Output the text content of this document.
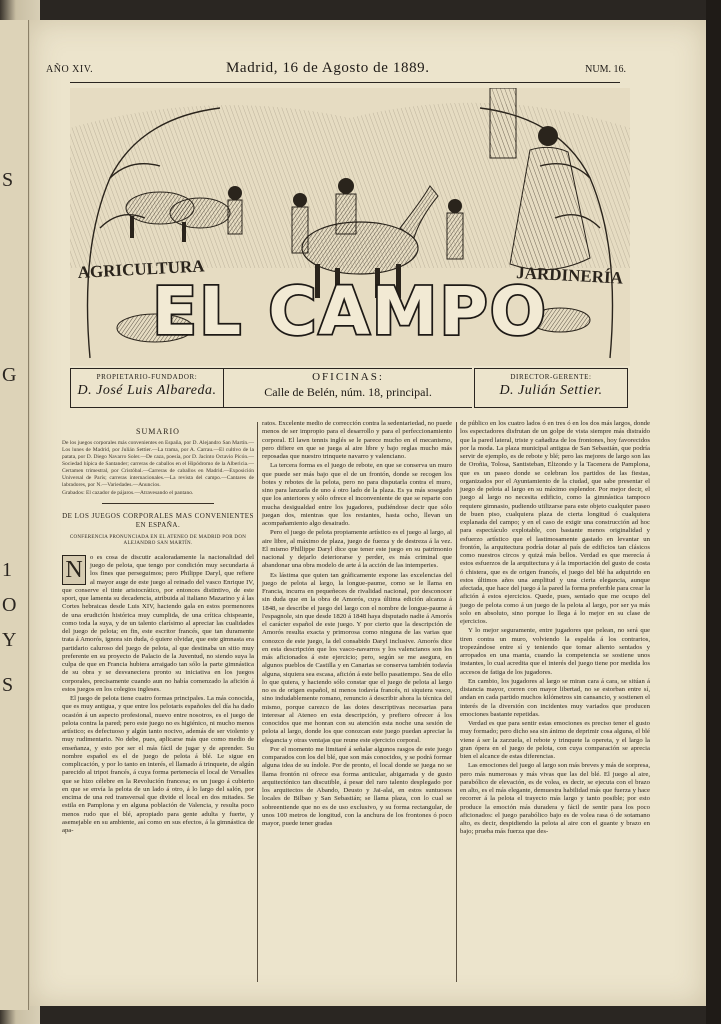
S
G
1
O
Y
S
AÑO XIV.	Madrid, 16 de Agosto de 1889.	NUM. 16.
AGRICULTURA	JARDINERÍA
EL CAMPO
PROPIETARIO-FUNDADOR:
D. José Luis Albareda.
OFICINAS:
Calle de Belén, núm. 18, principal.
DIRECTOR-GERENTE:
D. Julián Settier.
SUMARIO
De los juegos corporales más convenientes en España, por D. Alejandro San Martín.—Los lunes de Madrid, por Julián Settier.—La trama, por A. Carrau.—El cultivo de la patata, por D. Diego Navarro Soler.—De caza, poesía, por D. Jacinto Octavio Picón.—Sociedad hípica de Santander; carreras de caballos en el Hipódromo de la Albericia.—Certamen trimestral, por Cristóbal.—Carreras de caballos en Madrid.—Exposición Universal de París; carreras internacionales.—La revista del campo.—Cantares de labradores, por N.—Variedades.—Anuncios.
Grabados: El cazador de pájaros.—Atravesando el pantano.
DE LOS JUEGOS CORPORALES MAS CONVENIENTES EN ESPAÑA.
CONFERENCIA PRONUNCIADA EN EL ATENEO DE MADRID POR DON ALEJANDRO SAN MARTÍN.

N	o es cosa de discutir acaloradamente la nacionalidad del juego de pelota, que tengo por condición muy secundaria á los fines que perseguimos; pero Philippe Daryl, que refiere al mayor auge de este juego al reinado del vasco Enrique IV, que conserve el tinte aristocrático, por entonces distintivo, de este sport, que lamenta su decadencia, atribuida al italiano Mazarino y á las Cortes hebraicas desde Luis XIV, haciendo gala en estos pormenores de una erudición histórica muy cumplida, de una crítica chispeante, como toda la suya, y de un talento clarísimo al apreciar las cualidades del juego de pelota; en fin, este escritor francés, que tan duramente trata á Amorós, ignora sin duda, ó quiere olvidar, que este gimnasta era partidario caluroso del juego de pelota, al que destinaba un sitio muy preferente en su proyecto de Palacio de la Juventud, no siendo suya la culpa de que en Francia hubiera arraigado tan sólo la parte gimnástica de su obra y se desvaneciera pronto su iniciativa en los juegos corporales, precisamente cuando aun no había comenzado la afición á estos juegos en los colegios ingleses.

El juego de pelota tiene cuatro formas principales. La más conocida, que es muy antigua, y que entre los pelotaris españoles del día ha dado ocasión á un aspecto profesional, nuevo entre nosotros, es el juego de pelota contra la pared; pero este juego no es higiénico, ni mucho menos artístico; es defectuoso y algún tanto nocivo, además de ser violento y muy rudimentario. No debe, pues, aplicarse más que como medio de enseñanza, y esto por ser el más fácil de jugar y de aprender. Su nombre español es el de juego de pelota á blé. Le sigue en complicación, y por lo tanto en interés, el llamado á trinquete, de algún parecido al tripot francés, á cuya forma pertenecía el local de Versalles que se hizo célebre en la Revolución francesa; es un juego á cubierto en que se envía la pelota de un lado á otro, á lo largo del salón, por encima de una red transversal que divide el local en dos mitades. Se estila en Pamplona y en alguna población de Valencia, y resulta poco menos rudo que el blé, apropiado para gente adulta y fuerte, y asemejable en su ambiente, así como en sus efectos, á la gimnástica de apa-

ratos. Excelente medio de corrección contra la sedentariedad, no puede menos de ser impropio para el desarrollo y para el perfeccionamiento corporal. El lawn tennis inglés se le parece mucho en el mecanismo, pero difiere en que se juega al aire libre y bajo reglas mucho más reposadas que nuestro trinquete navarro y valenciano.

La tercera forma es el juego de rebote, en que se conserva un muro que puede ser más bajo que el de un frontón, donde se recogen los botes y rebotes de la pelota, pero no para disputarla contra el muro, sino para lanzarla de uno á otro lado de la plaza. Es ya más sosegado que los anteriores y sólo ofrece el inconveniente de que se reparte con mucha desigualdad entre los jugadores, pudiéndose decir que sólo juegan dos, mientras que los restantes, hasta ocho, llevan un acompañamiento algo desairado.

Pero el juego de pelota propiamente artístico es el juego al largo, al aire libre, al máximo de plaza, juego de fuerza y de destreza á la vez. El mismo Phillippe Daryl dice que tener este juego en su patrimonio nacional y dejarlo deteriorarse y perder, es más criminal que abandonar una obra modelo de arte á la acción de las intemperies.

Es lástima que quien tan gráficamente expone las excelencias del juego de pelota al largo, la longue-paume, como se le llama en Francia, incurra en pequeñeces de rivalidad nacional, por desconocer sin duda que en la obra de Amorós, cuya última edición alcanza á 1848, se describe el juego del largo con el nombre de longue-paume á l'espagnole, sin que desde 1820 á 1848 haya disputado nadie á Amorós el carácter español de este juego. Y por cierto que la descripción de Amorós resulta exacta y primorosa como ninguna de las varias que conozco de este juego, la del consabido Daryl inclusive. Amorós dice en esta descripción que los vasco-navarros y los valencianos son los más aficionados á este ejercicio; pero, según se me asegura, en algunos pueblos de Castilla y en Canarias se conserva también todavía alguna, siquiera sea escasa, afición á este bello pasatiempo. Sea de ello lo que quiera, y haciendo sólo constar que el juego de pelota al largo no es de origen español, ni menos todavía francés, ni siquiera vasco, sino indudablemente romano, renuncio á describir ahora la técnica del mismo, porque carezco de las dotes descriptivas necesarias para interesar al Ateneo en esta descripción, y prefiero ofrecer á los conocidos que me honran con su atención esta noche una sesión de pelota al largo, donde los que conozcan este juego puedan apreciar la elegancia y otras ventajas que reune este ejercicio corporal.

Por el momento me limitaré á señalar algunos rasgos de este juego comparados con los del blé, que son más conocidos, y se podrá formar alguna idea de su índole. Por de pronto, el local donde se juega no se llama frontón ni ofrece esa forma anticular, abigarrada y de gusto arquitectónico tan discutible, á pesar del raro talento desplegado por los arquitectos de Abando, Deusto y Jai-alai, en estos suntuosos locales de Bilbao y San Sebastián; se llama plaza, con lo cual se sobreentiende que no es de uso exclusivo, y su forma rectangular, de unos 100 metros de longitud, con la anchura de los frontones ó poco mayor, puede tener gradas

de público en los cuatro lados ó en tres ó en los dos más largos, donde los espectadores disfrutan de un golpe de vista siempre más distraído que la pared lateral, triste y cañadiza de los frontones, hoy favorecidos por la moda. La plaza municipal antigua de San Sebastián, que podría servir de ejemplo, es de rebote y blé; pero las mejores de largo son las de Oroñia, Tolosa, Santisteban, Elizondo y la Tacenera de Pamplona, que es un paseo donde se celebran los partidos de las fiestas, organizados por el Ayuntamiento de la ciudad, que sabe presentar el juego de pelota al largo en su máximo esplendor. Por mejor decir, el juego al largo no necesita edificio, como la gimnástica tampoco requiere gimnasio, pudiendo utilizarse para este objeto cualquier paseo de buen piso, cualquiera plaza de cierta longitud ó cualquiera explanada del campo; y en el caso de exigir una construcción ad hoc para espectáculo explotable, con bastante menos originalidad y esfuerzo artístico que el lastimosamente gastado en levantar un frontón, la arquitectura podría dotar al país de edificios tan clásicos como nuestros circos y quizá más bellos. Verdad es que merecía á estos esfuerzos de la arquitectura y á la importación del gusto de costa ó chistera, que es de origen francés, el juego del blé ha adquirido en estos últimos años una amplitud y una cierta elegancia, aunque afectada, que hace del juego á la pared la forma preferible para crear la afición á estos ejercicios. Quede, pues, sentado que me ocupo del juego de pelota como á un juego de la pelota al largo, por ser ya más solo en absoluto, sino porque lo llega á lo mejor en su clase de ejercicios.

Y lo mejor seguramente, entre jugadores que pelean, no será que tiren contra un muro, volviendo la espalda á los contrarios, tropezándose entre sí y teniendo que tomar aliento sentados y arropados en una manta, cuando la competencia se sostiene unos instantes, lo cual acredita que el interés del juego tiene por medida los accesos de fatiga de los jugadores.

En cambio, los jugadores al largo se miran cara á cara, se sitúan á distancia mayor, corren con mayor libertad, no se estorban entre sí, andan en cada partido muchos kilómetros sin cansancio, y sostienen el interés de la diversión con incidentes muy variados que producen emociones bastante repetidas.

Verdad es que para sentir estas emociones es preciso tener el gusto muy formado; pero dicho sea sin ánimo de deprimir cosa alguna, el blé viene á ser la zarzuela, el rebote y trinquete la opereta, y el largo la gran ópera en el juego de pelota, con cuya comparación se aprecia bien el alcance de estas diferencias.

Las emociones del juego al largo son más breves y más de sorpresa, pero más numerosas y más vivas que las del blé. El juego al aire, parabólico de elevación, es de volea, es decir, se ejecuta con el brazo en alto, es el más elegante, demuestra habilidad más que fuerza y hace recorrer á la pelota el trayecto más largo y tanto posible; por esto produce la emoción más duradera y fácil de sentir para los poco aficionados: el juego parabólico bajo es de volea rasa ó de sotamano alto, es decir, despidiendo la pelota al aire con el guante y brazo en bajo; prueba más fuerza que des-
